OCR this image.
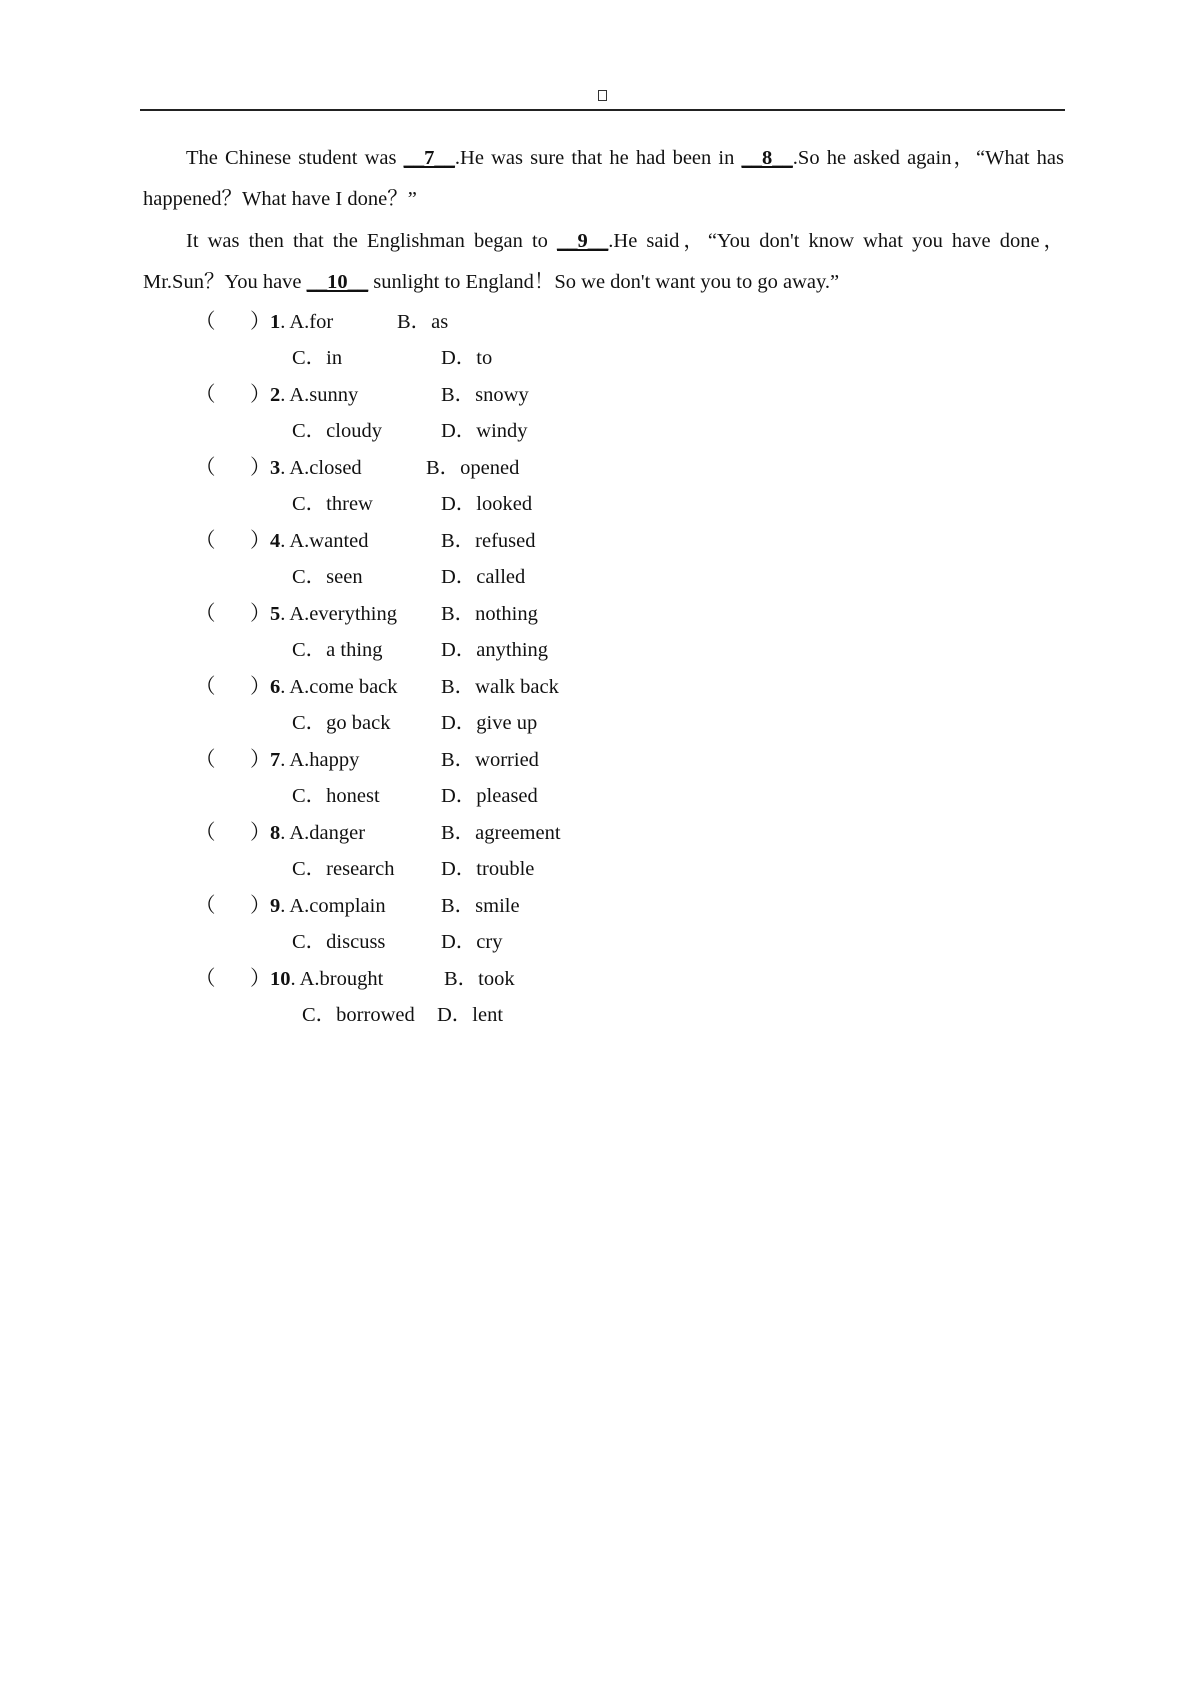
The Chinese student was __7__.He was sure that he had been in __8__.So he asked again，“What has happened？What have I done？”

It was then that the Englishman began to __9__.He said，“You don't know what you have done，Mr.Sun？You have __10__ sunlight to England！So we don't want you to go away.”

（ ） 1. A.for	B．as
C．in	D．to
（ ） 2. A.sunny	B．snowy
C．cloudy	D．windy
（ ） 3. A.closed	B．opened
C．threw	D．looked
（ ） 4. A.wanted	B．refused
C．seen	D．called
（ ） 5. A.everything B．nothing
C．a thing	D．anything
（ ） 6. A.come back B．walk back
C．go back D．give up
（ ） 7. A.happy	B．worried
C．honest	D．pleased
（ ） 8. A.danger	B．agreement
C．research D．trouble
（ ） 9. A.complain	B．smile
C．discuss	D．cry
（ ） 10. A.brought	B．took
C．borrowed D．lent
